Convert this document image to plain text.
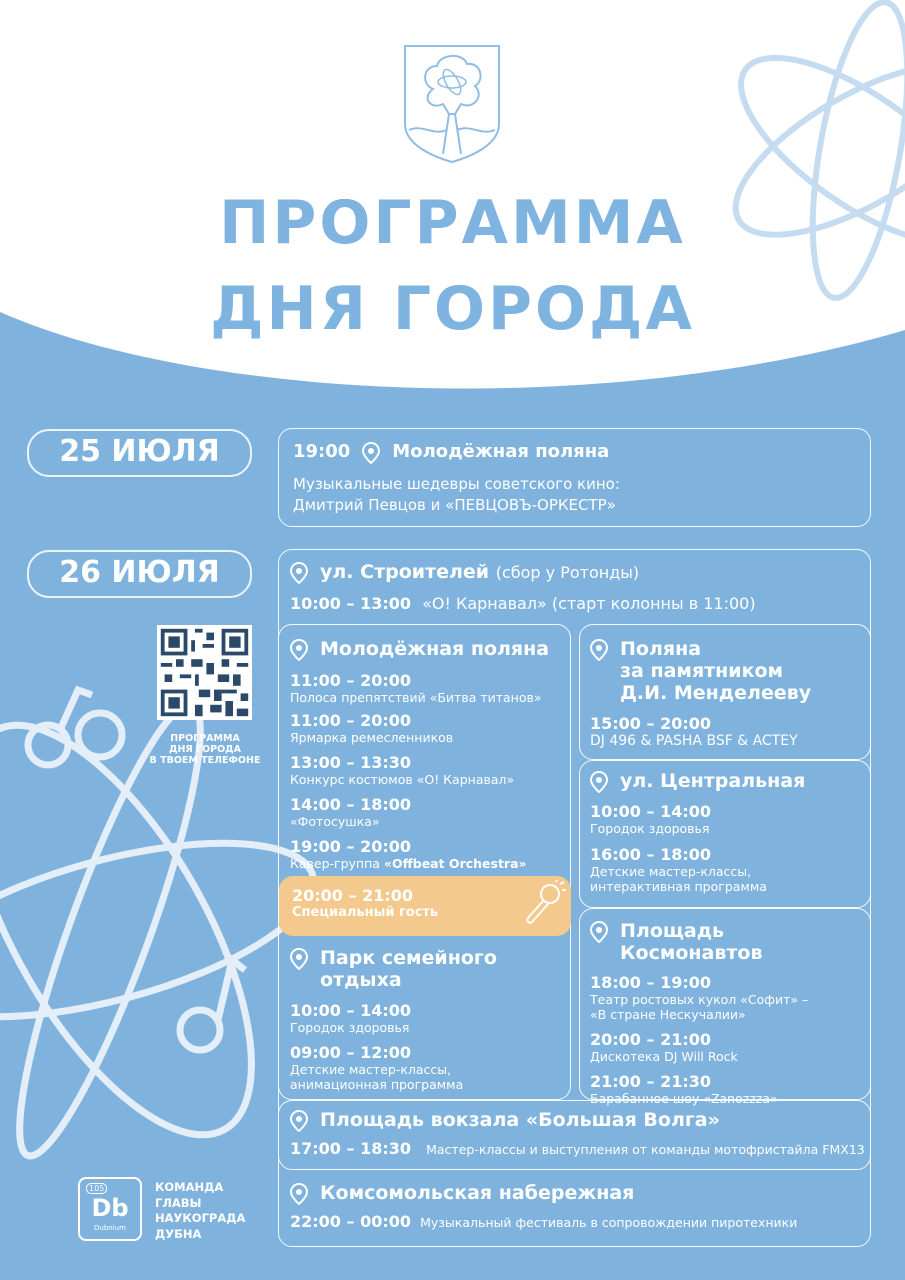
ПРОГРАММА
ДНЯ ГОРОДА
25 ИЮЛЯ	19:00 Молодёжная поляна
Музыкальные шедевры советского кино:
Дмитрий Певцов и «ПЕВЦОВЪ-ОРКЕСТР»
26 ИЮЛЯ	ул. Строителей (сбор у Ротонды)
10:00 – 13:00 «О! Карнавал» (старт колонны в 11:00)
Молодёжная поляна
11:00 – 20:00
Полоса препятствий «Битва титанов»
11:00 – 20:00
Ярмарка ремесленников
13:00 – 13:30
Конкурс костюмов «О! Карнавал»
14:00 – 18:00
«Фотосушка»
19:00 – 20:00
Кавер-группа «Offbeat Orchestra»
20:00 – 21:00
Специальный гость
Парк семейного
отдыха
10:00 – 14:00
Городок здоровья
09:00 – 12:00
Детские мастер-классы,
анимационная программа
Поляна
за памятником
Д.И. Менделееву
15:00 – 20:00
DJ 496 & PASHA BSF & ACTEY
ул. Центральная
10:00 – 14:00
Городок здоровья
16:00 – 18:00
Детские мастер-классы,
интерактивная программа
Площадь Космонавтов
18:00 – 19:00
Театр ростовых кукол «Софит» –
«В стране Нескучалии»
20:00 – 21:00
Дискотека DJ Will Rock
21:00 – 21:30
Барабанное шоу «Zanozzza»
Площадь вокзала «Большая Волга»
17:00 – 18:30 Мастер-классы и выступления от команды мотофристайла FMX13
Комсомольская набережная
22:00 – 00:00 Музыкальный фестиваль в сопровождении пиротехники
ПРОГРАММА
ДНЯ ГОРОДА
В ТВОЕМ ТЕЛЕФОНЕ
105
Db
Dubnium
КОМАНДА
ГЛАВЫ
НАУКОГРАДА
ДУБНА
